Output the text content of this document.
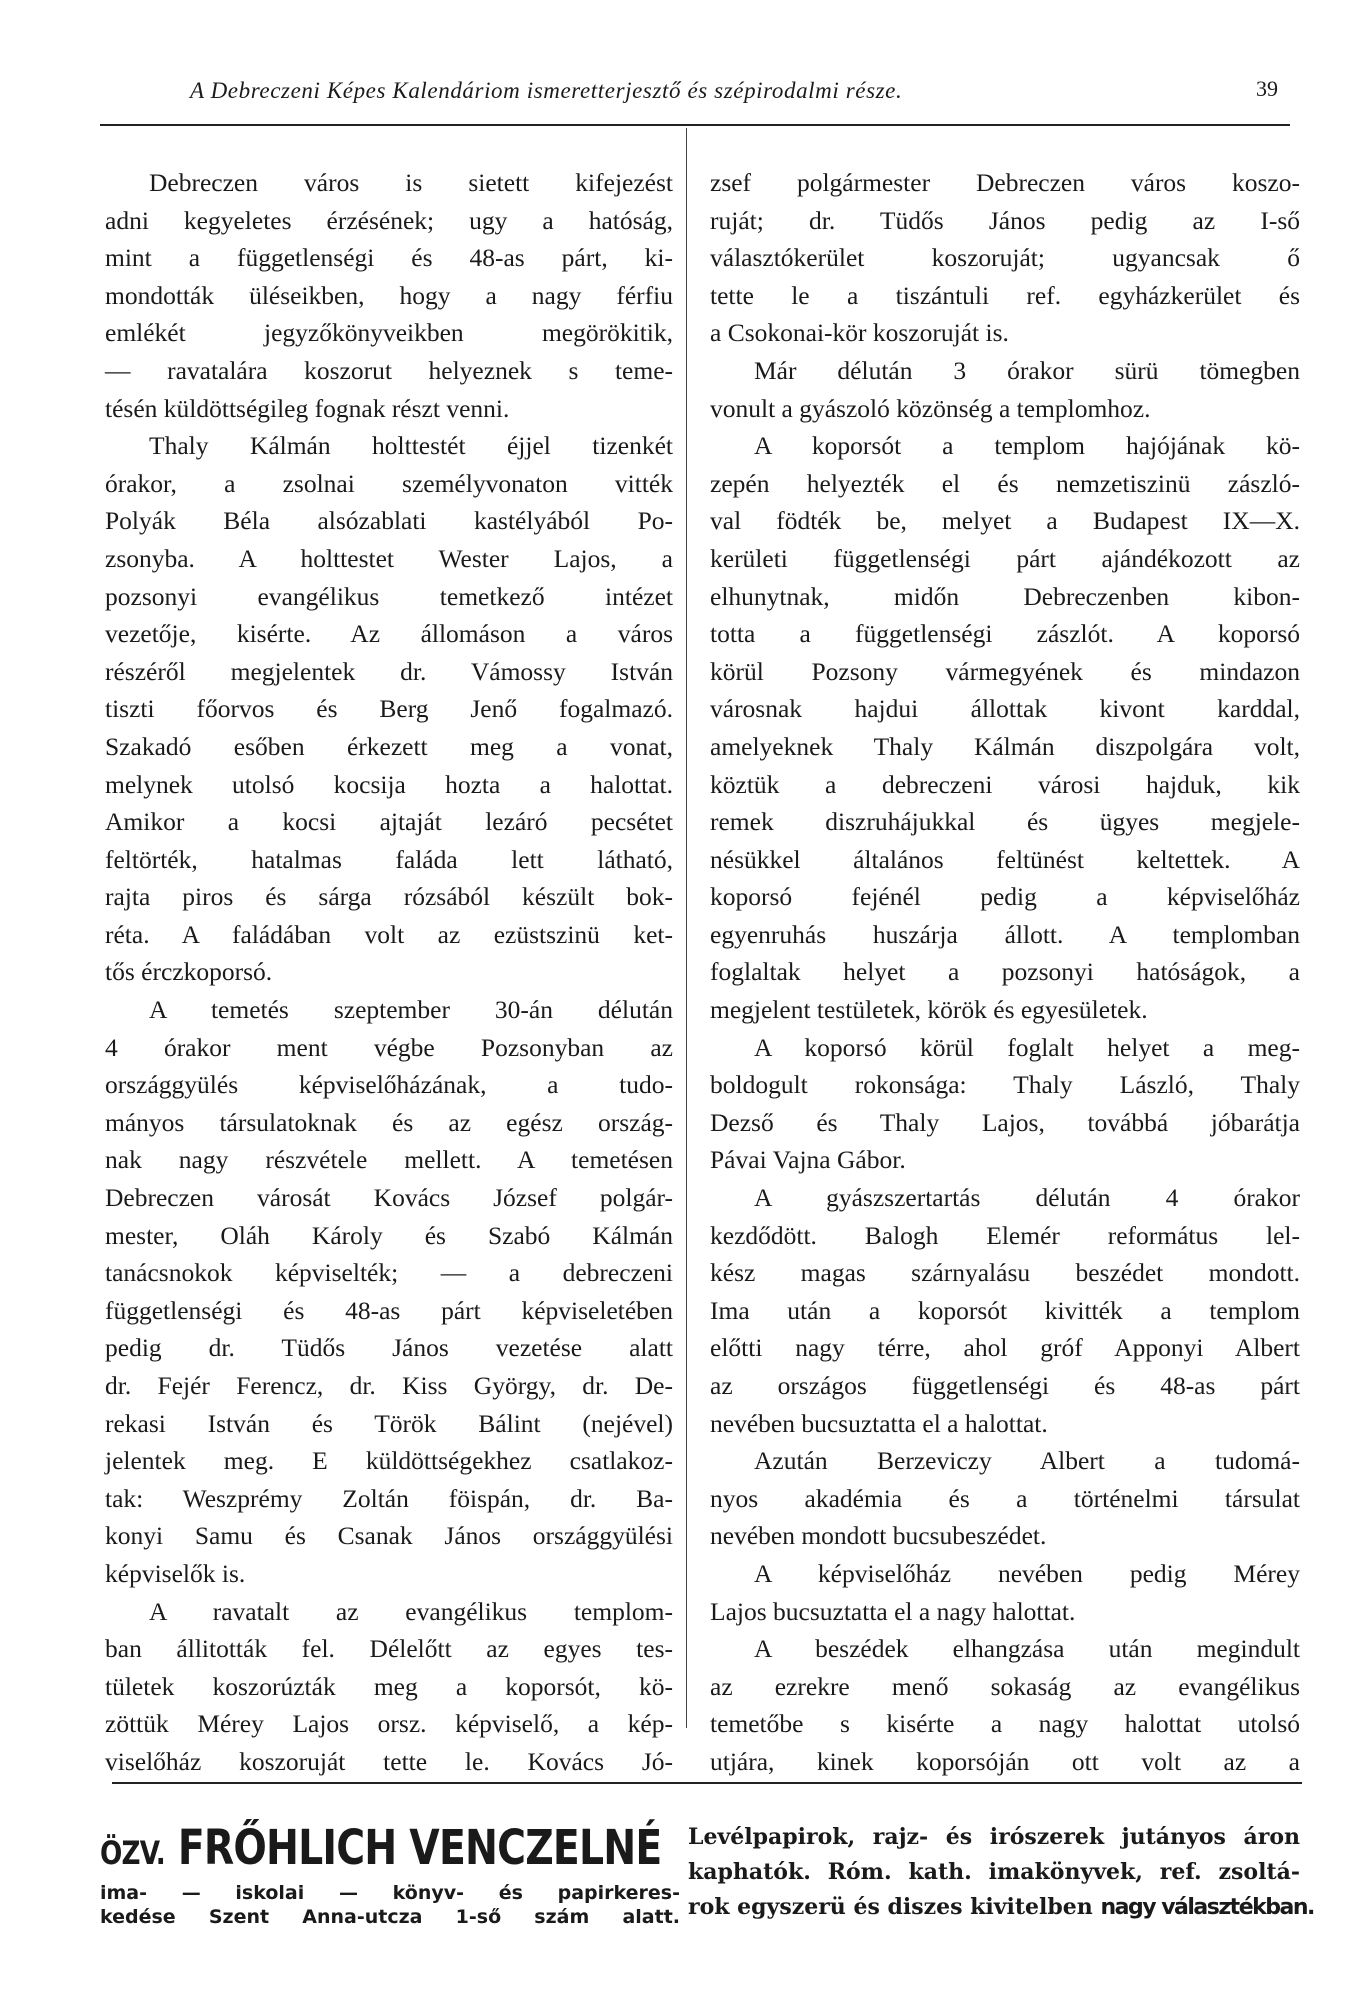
A Debreczeni Képes Kalendáriom ismeretterjesztő és szépirodalmi része.	39
Debreczen város is sietett kifejezést
adni kegyeletes érzésének; ugy a hatóság,
mint a függetlenségi és 48-as párt, ki-
mondották üléseikben, hogy a nagy férfiu
emlékét jegyzőkönyveikben megörökitik,
— ravatalára koszorut helyeznek s teme-
tésén küldöttségileg fognak részt venni.
Thaly Kálmán holttestét éjjel tizenkét
órakor, a zsolnai személyvonaton vitték
Polyák Béla alsózablati kastélyából Po-
zsonyba. A holttestet Wester Lajos, a
pozsonyi evangélikus temetkező intézet
vezetője, kisérte. Az állomáson a város
részéről megjelentek dr. Vámossy István
tiszti főorvos és Berg Jenő fogalmazó.
Szakadó esőben érkezett meg a vonat,
melynek utolsó kocsija hozta a halottat.
Amikor a kocsi ajtaját lezáró pecsétet
feltörték, hatalmas faláda lett látható,
rajta piros és sárga rózsából készült bok-
réta. A faládában volt az ezüstszinü ket-
tős érczkoporsó.
A temetés szeptember 30-án délután
4 órakor ment végbe Pozsonyban az
országgyülés képviselőházának, a tudo-
mányos társulatoknak és az egész ország-
nak nagy részvétele mellett. A temetésen
Debreczen városát Kovács József polgár-
mester, Oláh Károly és Szabó Kálmán
tanácsnokok képviselték; — a debreczeni
függetlenségi és 48-as párt képviseletében
pedig dr. Tüdős János vezetése alatt
dr. Fejér Ferencz, dr. Kiss György, dr. De-
rekasi István és Török Bálint (nejével)
jelentek meg. E küldöttségekhez csatlakoz-
tak: Weszprémy Zoltán föispán, dr. Ba-
konyi Samu és Csanak János országgyülési
képviselők is.
A ravatalt az evangélikus templom-
ban állitották fel. Délelőtt az egyes tes-
tületek koszorúzták meg a koporsót, kö-
zöttük Mérey Lajos orsz. képviselő, a kép-
viselőház koszoruját tette le. Kovács Jó-
zsef polgármester Debreczen város koszo-
ruját; dr. Tüdős János pedig az I-ső
választókerület koszoruját; ugyancsak ő
tette le a tiszántuli ref. egyházkerület és
a Csokonai-kör koszoruját is.
Már délután 3 órakor sürü tömegben
vonult a gyászoló közönség a templomhoz.
A koporsót a templom hajójának kö-
zepén helyezték el és nemzetiszinü zászló-
val födték be, melyet a Budapest IX—X.
kerületi függetlenségi párt ajándékozott az
elhunytnak, midőn Debreczenben kibon-
totta a függetlenségi zászlót. A koporsó
körül Pozsony vármegyének és mindazon
városnak hajdui állottak kivont karddal,
amelyeknek Thaly Kálmán diszpolgára volt,
köztük a debreczeni városi hajduk, kik
remek diszruhájukkal és ügyes megjele-
nésükkel általános feltünést keltettek. A
koporsó fejénél pedig a képviselőház
egyenruhás huszárja állott. A templomban
foglaltak helyet a pozsonyi hatóságok, a
megjelent testületek, körök és egyesületek.
A koporsó körül foglalt helyet a meg-
boldogult rokonsága: Thaly László, Thaly
Dezső és Thaly Lajos, továbbá jóbarátja
Pávai Vajna Gábor.
A gyászszertartás délután 4 órakor
kezdődött. Balogh Elemér református lel-
kész magas szárnyalásu beszédet mondott.
Ima után a koporsót kivitték a templom
előtti nagy térre, ahol gróf Apponyi Albert
az országos függetlenségi és 48-as párt
nevében bucsuztatta el a halottat.
Azután Berzeviczy Albert a tudomá-
nyos akadémia és a történelmi társulat
nevében mondott bucsubeszédet.
A képviselőház nevében pedig Mérey
Lajos bucsuztatta el a nagy halottat.
A beszédek elhangzása után megindult
az ezrekre menő sokaság az evangélikus
temetőbe s kisérte a nagy halottat utolsó
utjára, kinek koporsóján ott volt az a
ÖZV. FRŐHLICH VENCZELNÉ
ima- — iskolai — könyv- és papirkeres-
kedése Szent Anna-utcza 1-ső szám alatt.
Levélpapirok, rajz- és irószerek jutányos áron
kaphatók. Róm. kath. imakönyvek, ref. zsoltá-
rok egyszerü és diszes kivitelben nagy választékban.
